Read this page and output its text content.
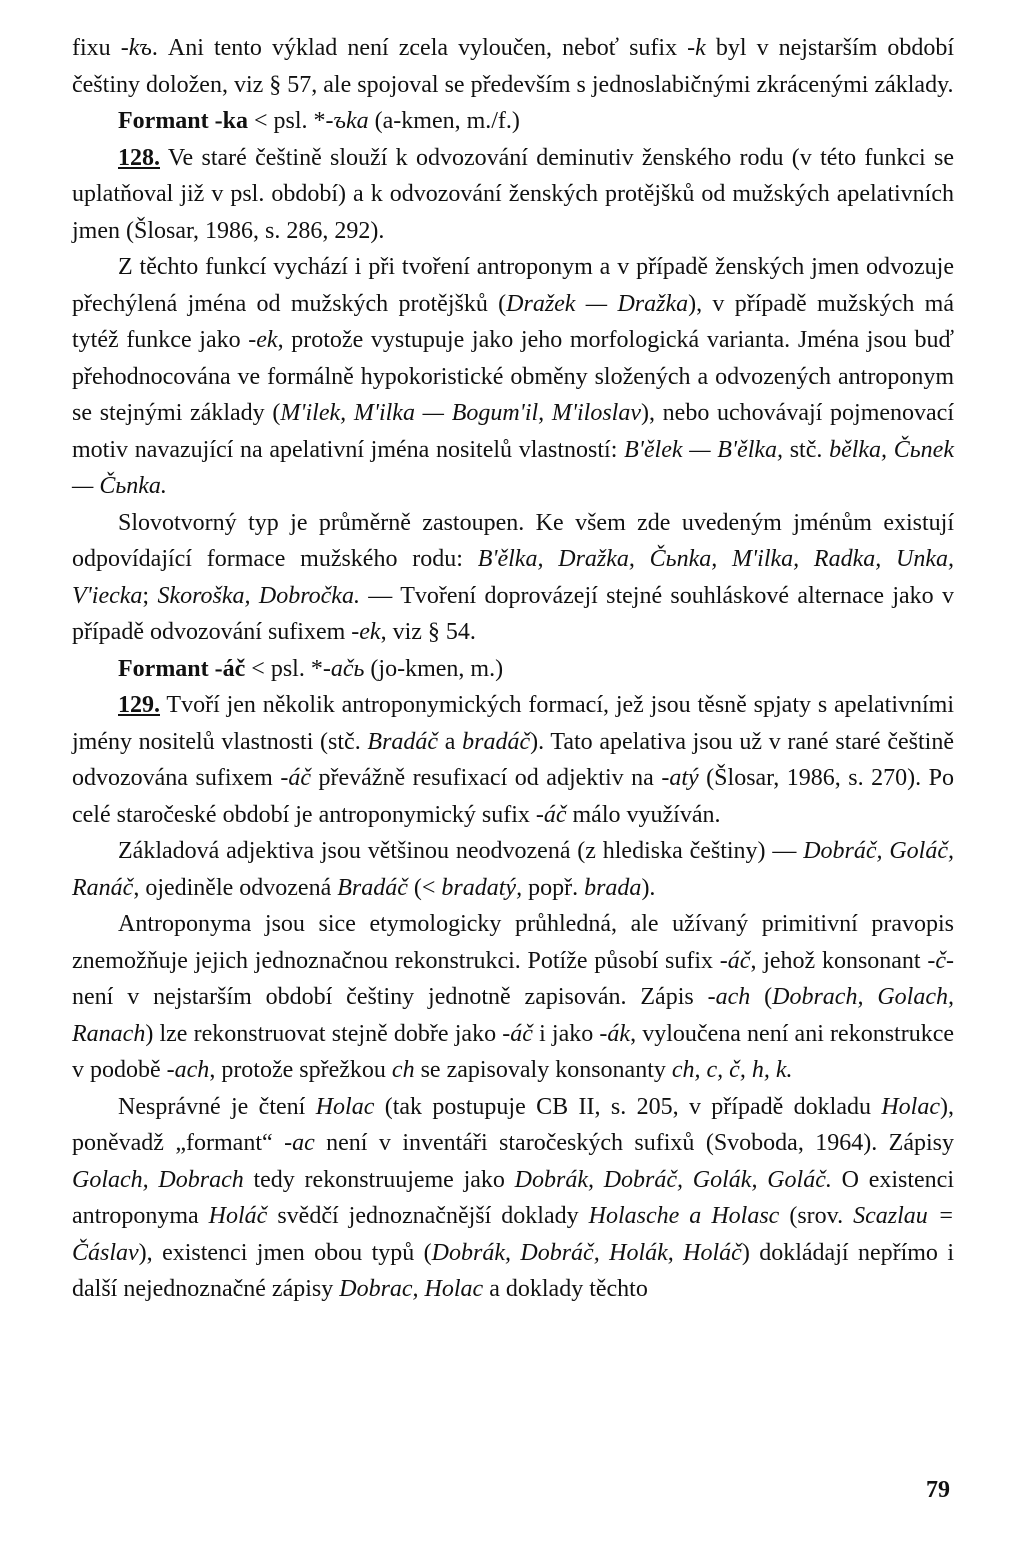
fixu -kъ. Ani tento výklad není zcela vyloučen, neboť sufix -k byl v nejstarším období češtiny doložen, viz § 57, ale spojoval se především s jednoslabičnými zkrácenými základy.

Formant -ka < psl. *-ъka (a-kmen, m./f.)

128. Ve staré češtině slouží k odvozování deminutiv ženského rodu (v této funkci se uplatňoval již v psl. období) a k odvozování ženských protějšků od mužských apelativních jmen (Šlosar, 1986, s. 286, 292).

Z těchto funkcí vychází i při tvoření antroponym a v případě ženských jmen odvozuje přechýlená jména od mužských protějšků (Dražek — Dražka), v případě mužských má tytéž funkce jako -ek, protože vystupuje jako jeho morfologická varianta. Jména jsou buď přehodnocována ve formálně hypokoristické obměny složených a odvozených antroponym se stejnými základy (M'ilek, M'ilka — Bogum'il, M'iloslav), nebo uchovávají pojmenovací motiv navazující na apelativní jména nositelů vlastností: B'ělek — B'ělka, stč. bělka, Čьnek — Čьnka.

Slovotvorný typ je průměrně zastoupen. Ke všem zde uvedeným jménům existují odpovídající formace mužského rodu: B'ělka, Dražka, Čьnka, M'ilka, Radka, Unka, V'iecka; Skoroška, Dobročka. — Tvoření doprovázejí stejné souhláskové alternace jako v případě odvozování sufixem -ek, viz § 54.

Formant -áč < psl. *-ačь (jo-kmen, m.)

129. Tvoří jen několik antroponymických formací, jež jsou těsně spjaty s apelativními jmény nositelů vlastnosti (stč. Bradáč a bradáč). Tato apelativa jsou už v rané staré češtině odvozována sufixem -áč převážně resufixací od adjektiv na -atý (Šlosar, 1986, s. 270). Po celé staročeské období je antroponymický sufix -áč málo využíván.

Základová adjektiva jsou většinou neodvozená (z hlediska češtiny) — Dobráč, Goláč, Ranáč, ojediněle odvozená Bradáč (< bradatý, popř. brada).

Antroponyma jsou sice etymologicky průhledná, ale užívaný primitivní pravopis znemožňuje jejich jednoznačnou rekonstrukci. Potíže působí sufix -áč, jehož konsonant -č- není v nejstarším období češtiny jednotně zapisován. Zápis -ach (Dobrach, Golach, Ranach) lze rekonstruovat stejně dobře jako -áč i jako -ák, vyloučena není ani rekonstrukce v podobě -ach, protože spřežkou ch se zapisovaly konsonanty ch, c, č, h, k.

Nesprávné je čtení Holac (tak postupuje CB II, s. 205, v případě dokladu Holac), poněvadž „formant“ -ac není v inventáři staročeských sufixů (Svoboda, 1964). Zápisy Golach, Dobrach tedy rekonstruujeme jako Dobrák, Dobráč, Golák, Goláč. O existenci antroponyma Holáč svědčí jednoznačnější doklady Holasche a Holasc (srov. Scazlau = Čáslav), existenci jmen obou typů (Dobrák, Dobráč, Holák, Holáč) dokládají nepřímo i další nejednoznačné zápisy Dobrac, Holac a doklady těchto

79
